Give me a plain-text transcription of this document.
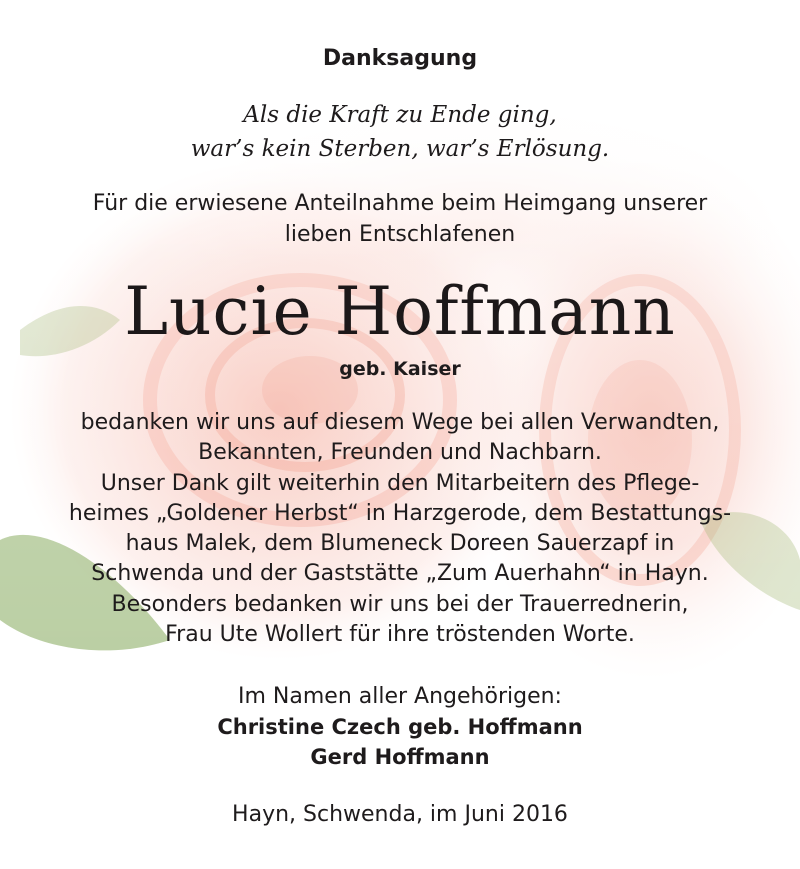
Danksagung
Als die Kraft zu Ende ging,
war’s kein Sterben, war’s Erlösung.
Für die erwiesene Anteilnahme beim Heimgang unserer
lieben Entschlafenen
Lucie Hoffmann
geb. Kaiser
bedanken wir uns auf diesem Wege bei allen Verwandten,
Bekannten, Freunden und Nachbarn.
Unser Dank gilt weiterhin den Mitarbeitern des Pflege-
heimes „Goldener Herbst“ in Harzgerode, dem Bestattungs-
haus Malek, dem Blumeneck Doreen Sauerzapf in
Schwenda und der Gaststätte „Zum Auerhahn“ in Hayn.
Besonders bedanken wir uns bei der Trauerrednerin,
Frau Ute Wollert für ihre tröstenden Worte.
Im Namen aller Angehörigen:
Christine Czech geb. Hoffmann
Gerd Hoffmann
Hayn, Schwenda, im Juni 2016
